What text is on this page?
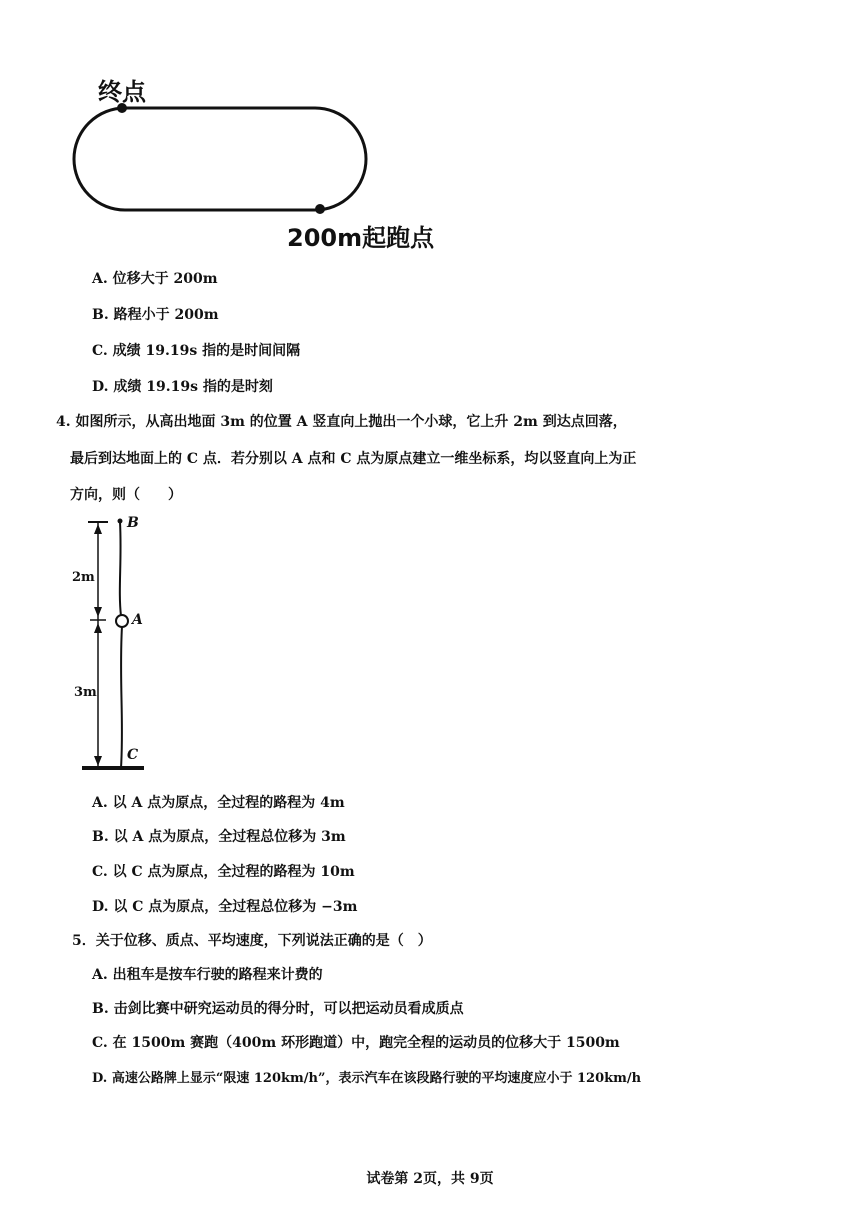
终点
200m起跑点
A. 位移大于 200m
B. 路程小于 200m
C. 成绩 19.19s 指的是时间间隔
D. 成绩 19.19s 指的是时刻
4. 如图所示，从高出地面 3m 的位置 A 竖直向上抛出一个小球，它上升 2m 到达点回落，
最后到达地面上的 C 点．若分别以 A 点和 C 点为原点建立一维坐标系，均以竖直向上为正
方向，则（　　）
B
A
C
2m
3m
A. 以 A 点为原点，全过程的路程为 4m
B. 以 A 点为原点，全过程总位移为 3m
C. 以 C 点为原点，全过程的路程为 10m
D. 以 C 点为原点，全过程总位移为 −3m
5．关于位移、质点、平均速度，下列说法正确的是（　）
A. 出租车是按车行驶的路程来计费的
B. 击剑比赛中研究运动员的得分时，可以把运动员看成质点
C. 在 1500m 赛跑（400m 环形跑道）中，跑完全程的运动员的位移大于 1500m
D. 高速公路牌上显示“限速 120km/h”，表示汽车在该段路行驶的平均速度应小于 120km/h
试卷第 2页，共 9页
